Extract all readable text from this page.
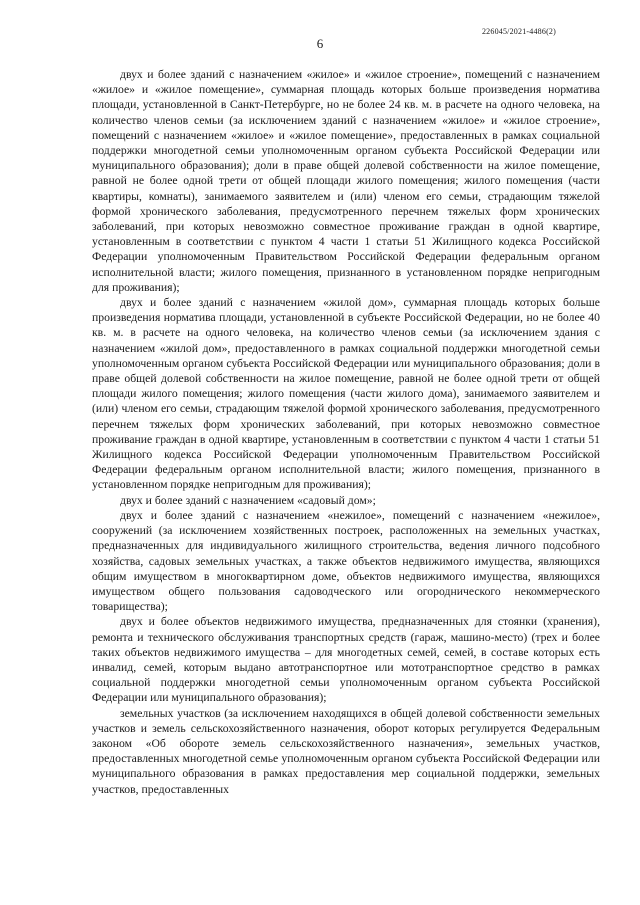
226045/2021-4486(2)
6

двух и более зданий с назначением «жилое» и «жилое строение», помещений с назначением «жилое» и «жилое помещение», суммарная площадь которых больше произведения норматива площади, установленной в Санкт-Петербурге, но не более 24 кв. м. в расчете на одного человека, на количество членов семьи (за исключением зданий с назначением «жилое» и «жилое строение», помещений с назначением «жилое» и «жилое помещение», предоставленных в рамках социальной поддержки многодетной семьи уполномоченным органом субъекта Российской Федерации или муниципального образования); доли в праве общей долевой собственности на жилое помещение, равной не более одной трети от общей площади жилого помещения; жилого помещения (части квартиры, комнаты), занимаемого заявителем и (или) членом его семьи, страдающим тяжелой формой хронического заболевания, предусмотренного перечнем тяжелых форм хронических заболеваний, при которых невозможно совместное проживание граждан в одной квартире, установленным в соответствии с пунктом 4 части 1 статьи 51 Жилищного кодекса Российской Федерации уполномоченным Правительством Российской Федерации федеральным органом исполнительной власти; жилого помещения, признанного в установленном порядке непригодным для проживания);

двух и более зданий с назначением «жилой дом», суммарная площадь которых больше произведения норматива площади, установленной в субъекте Российской Федерации, но не более 40 кв. м. в расчете на одного человека, на количество членов семьи (за исключением здания с назначением «жилой дом», предоставленного в рамках социальной поддержки многодетной семьи уполномоченным органом субъекта Российской Федерации или муниципального образования; доли в праве общей долевой собственности на жилое помещение, равной не более одной трети от общей площади жилого помещения; жилого помещения (части жилого дома), занимаемого заявителем и (или) членом его семьи, страдающим тяжелой формой хронического заболевания, предусмотренного перечнем тяжелых форм хронических заболеваний, при которых невозможно совместное проживание граждан в одной квартире, установленным в соответствии с пунктом 4 части 1 статьи 51 Жилищного кодекса Российской Федерации уполномоченным Правительством Российской Федерации федеральным органом исполнительной власти; жилого помещения, признанного в установленном порядке непригодным для проживания);

двух и более зданий с назначением «садовый дом»;

двух и более зданий с назначением «нежилое», помещений с назначением «нежилое», сооружений (за исключением хозяйственных построек, расположенных на земельных участках, предназначенных для индивидуального жилищного строительства, ведения личного подсобного хозяйства, садовых земельных участках, а также объектов недвижимого имущества, являющихся общим имуществом в многоквартирном доме, объектов недвижимого имущества, являющихся имуществом общего пользования садоводческого или огороднического некоммерческого товарищества);

двух и более объектов недвижимого имущества, предназначенных для стоянки (хранения), ремонта и технического обслуживания транспортных средств (гараж, машино-место) (трех и более таких объектов недвижимого имущества – для многодетных семей, семей, в составе которых есть инвалид, семей, которым выдано автотранспортное или мототранспортное средство в рамках социальной поддержки многодетной семьи уполномоченным органом субъекта Российской Федерации или муниципального образования);

земельных участков (за исключением находящихся в общей долевой собственности земельных участков и земель сельскохозяйственного назначения, оборот которых регулируется Федеральным законом «Об обороте земель сельскохозяйственного назначения», земельных участков, предоставленных многодетной семье уполномоченным органом субъекта Российской Федерации или муниципального образования в рамках предоставления мер социальной поддержки, земельных участков, предоставленных
